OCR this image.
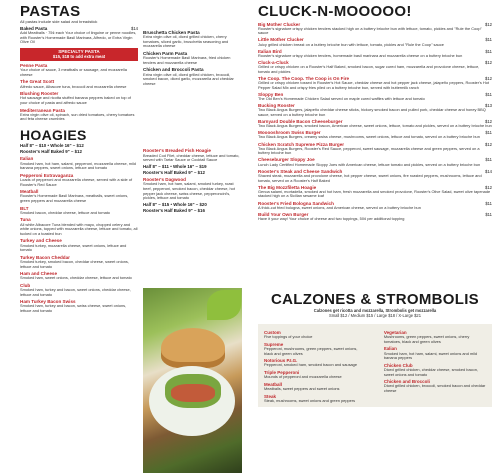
PASTAS
All pastas include side salad and breadstick
Baked Pasta	$14
Add Meatballs · 75¢ each Your choice of linguine or penne noodles, with Rooster's Homemade Basil Marinara, Alfredo, or Extra Virgin Olive Oil
SPECIALTY PASTA
$15, $18 to add extra meat
Penne Pasta
Your choice of sauce, 3 meatballs or sausage, and mozzarella cheese
The Great Scott
Alfredo sauce, Albacore tuna, broccoli and mozzarella cheese
Blushing Rooster
Hot sausage and ricotta stuffed banana peppers baked on top of your choice of pasta and alfredo sauce
Mediterranean Pasta
Extra virgin olive oil, spinach, sun dried tomatoes, cherry tomatoes and feta cheese crumbles
HOAGIES
Half 8" – $10 • Whole 16" – $12
Rooster's Half Baked 9" – $12
Italian
Smoked ham, hot ham, salami, pepperoni, mozzarella cheese, mild banana peppers, sweet onions, lettuce and tomato
Pepperoni Extravaganza
Loads of pepperoni and mozzarella cheese, served with a side of Rooster's Red Sauce
Meatball
Rooster's Homemade Basil Marinara, meatballs, sweet onions, green peppers and mozzarella cheese
BLT
Smoked bacon, cheddar cheese, lettuce and tomato
Tuna
All white Albacore Tuna blended with mayo, chopped celery and white onions, topped with mozzarella cheese, lettuce and tomato, all tucked on a toasted bun
Turkey and Cheese
Smoked turkey, mozzarella cheese, sweet onions, lettuce and tomato
Turkey Bacon Cheddar
Smoked turkey, smoked bacon, cheddar cheese, sweet onions, lettuce and tomato
Ham and Cheese
Smoked ham, sweet onions, cheddar cheese, lettuce and tomato
Club
Smoked ham, turkey and bacon, sweet onions, cheddar cheese, lettuce and tomato
Ham Turkey Bacon Swiss
Smoked ham, turkey and bacon, swiss cheese, sweet onions, lettuce and tomato
Bruschetta Chicken Pasta
Extra virgin olive oil, diced grilled chicken, cherry tomatoes, sliced garlic, bruschetta seasoning and mozzarella cheese
Chicken Parm Pasta
Rooster's Homemade Basil Marinara, fried chicken tenders and mozzarella cheese
Chicken and Broccoli Pasta
Extra virgin olive oil, diced grilled chicken, broccoli, smoked bacon, diced garlic, mozzarella and cheddar cheese
Rooster's Breaded Fish Hoagie
Breaded Cod Filet, cheddar cheese, lettuce and tomato, served with Tartar Sauce or Cocktail Sauce
Half 8" – $11 • Whole 16" – $19
Rooster's Half Baked 9" – $12
Rooster's Dagwood
Smoked ham, hot ham, salami, smoked turkey, roast beef, pepperoni, smoked bacon, cheddar cheese, hot pepper jack cheese, swiss cheese, pepperoncini's, pickles, lettuce and tomato
Half 8" – $15 • Whole 16" – $20
Rooster's Half Baked 9" – $16
CLUCK-N-MOOOOO!
Big Mother Clucker	$12
Rooster's signature crispy chicken tenders stacked high on a buttery brioche bun with lettuce, tomato, pickles and "Rule the Coop" sauce
Little Mother Clucker	$11
Juicy grilled chicken breast on a buttery brioche bun with lettuce, tomato, pickles and "Rule the Coop" sauce
Italian Bird	$11
Rooster's signature crispy chicken tenders, homemade basil marinara and mozzarella cheese on a buttery brioche bun
Cluck-a-Cluck	$12
Grilled or crispy chicken on a Rooster's Half Baked, smoked bacon, sugar cured ham, mozzarella and provolone cheese, lettuce, tomato and pickles
The Coop. The Coop. The Coop is On Fire	$12
Grilled or crispy chicken tossed in Rooster's Hot Sauce, cheddar cheese and hot pepper jack cheese, jalapeño peppers, Rooster's Hot Pepper Salad Mix and crispy fries piled on a buttery brioche bun, served with buttermilk ranch
Sloppy Ben	$11
The Old Ben's Homemade Chicken Salad served on maple cured waffles with lettuce and tomato
Bucking Rooster	$13
Two Black Angus Burgers, jalapeño cheddar cheese sticks, hickory smoked bacon and pulled pork, cheddar cheese and honey BBQ sauce, served on a buttery brioche bun
Barnyard Double Bacon Cheeseburger	$12
Two Black Angus Burgers, smoked bacon, American cheese, sweet onions, lettuce, tomato and pickles, served on a buttery brioche bun
Mooooshroom Swiss Burger	$11
Two Black Angus Burgers, creamy swiss cheese, mushrooms, sweet onions, lettuce and tomato, served on a buttery brioche bun
Chicken Scratch Supreme Pizza Burger	$12
Two Black Angus Burgers, Rooster's Red Sauce, pepperoni, sweet sausage, mozzarella cheese and green peppers, served on a buttery brioche bun
Cheeseburger Sloppy Joe	$11
Lunch Lady Certified Homemade Sloppy Joes with American cheese, lettuce tomato and pickles, served on a buttery brioche bun
Rooster's Steak and Cheese Sandwich	$14
Shaved steak, mozzarella and provolone cheese, hot pepper cheese, sweet onions, fire roasted peppers, mushrooms, lettuce and tomato, served on a Rooster's Half Baked
The Big Mozzfiletta Hoagie	$12
Genoa salami, mortadella, smoked and hot ham, fresh mozzarella and smoked provolone, Rooster's Olive Salad, sweet olive tapenade stacked high on a Sicilian sesame loaf
Rooster's Fried Bologna Sandwich	$11
A thick-cut fried bologna, sweet onions, and American cheese, served on a buttery brioche bun
Build Your Own Burger	$11
Have it your way! Your choice of cheese and two toppings, 50¢ per additional topping
CALZONES & STROMBOLIS
Calzones get ricotta and mozzarella, Strombolis get mozzarella
Small $12 / Medium $15 / Large $18 / X-Large $21
Custom
Five toppings of your choice
Supreme
Pepperoni, mushrooms, green peppers, sweet onions, black and green olives
Notorious P.I.G.
Pepperoni, smoked ham, smoked bacon and sausage
Triple Pepperoni
Mounds of pepperoni and mozzarella cheese
Meatball
Meatballs, sweet peppers and sweet onions
Steak
Steak, mushrooms, sweet onions and green peppers
Vegetarian
Mushrooms, green peppers, sweet onions, cherry tomatoes, black and green olives
Italian
Smoked ham, hot ham, salami, sweet onions and mild banana peppers
Chicken Club
Diced grilled chicken, cheddar cheese, smoked bacon, sweet onions and tomato
Chicken and Broccoli
Diced grilled chicken, broccoli, smoked bacon and cheddar cheese
